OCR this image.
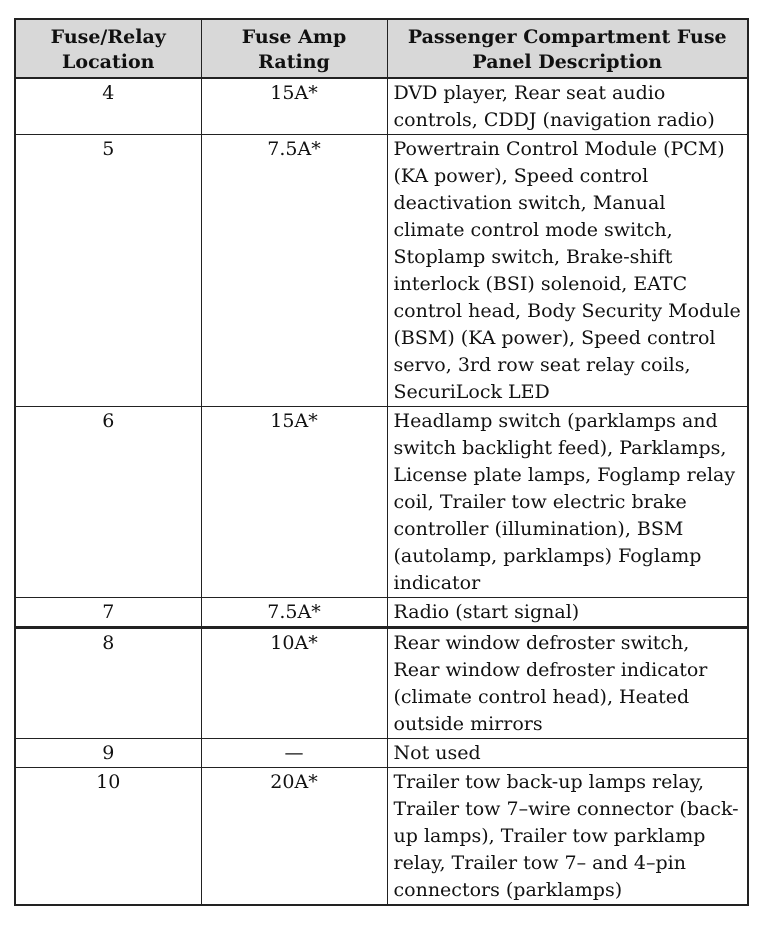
Fuse/Relay Location	Fuse Amp Rating	Passenger Compartment Fuse Panel Description
4	15A*	DVD player, Rear seat audio controls, CDDJ (navigation radio)
5	7.5A*	Powertrain Control Module (PCM) (KA power), Speed control deactivation switch, Manual climate control mode switch, Stoplamp switch, Brake-shift interlock (BSI) solenoid, EATC control head, Body Security Module (BSM) (KA power), Speed control servo, 3rd row seat relay coils, SecuriLock LED
6	15A*	Headlamp switch (parklamps and switch backlight feed), Parklamps, License plate lamps, Foglamp relay coil, Trailer tow electric brake controller (illumination), BSM (autolamp, parklamps) Foglamp indicator
7	7.5A*	Radio (start signal)
8	10A*	Rear window defroster switch, Rear window defroster indicator (climate control head), Heated outside mirrors
9	—	Not used
10	20A*	Trailer tow back-up lamps relay, Trailer tow 7–wire connector (back-up lamps), Trailer tow parklamp relay, Trailer tow 7– and 4–pin connectors (parklamps)
